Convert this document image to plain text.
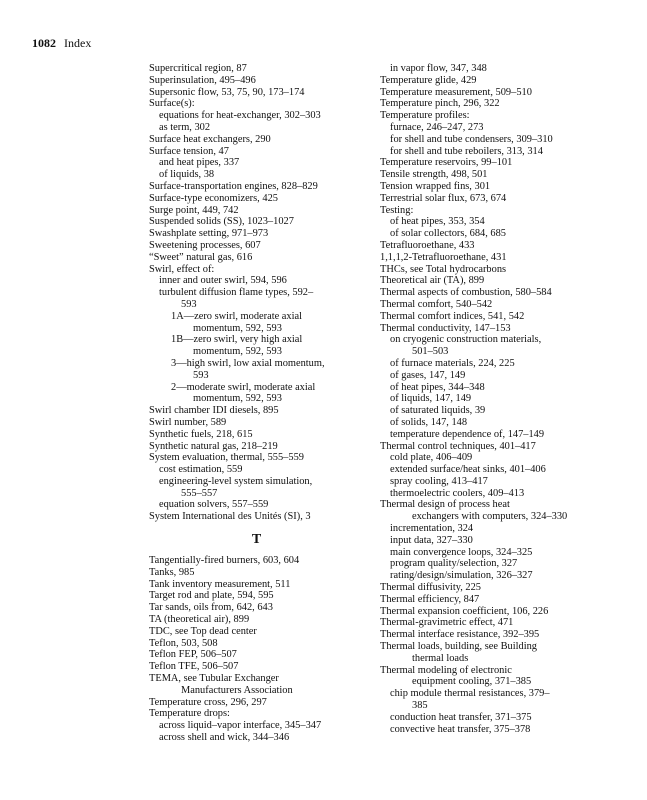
1082 Index
Supercritical region, 87
Superinsulation, 495–496
Supersonic flow, 53, 75, 90, 173–174
Surface(s):
equations for heat-exchanger, 302–303
as term, 302
Surface heat exchangers, 290
Surface tension, 47
and heat pipes, 337
of liquids, 38
Surface-transportation engines, 828–829
Surface-type economizers, 425
Surge point, 449, 742
Suspended solids (SS), 1023–1027
Swashplate setting, 971–973
Sweetening processes, 607
“Sweet” natural gas, 616
Swirl, effect of:
inner and outer swirl, 594, 596
turbulent diffusion flame types, 592–
593
1A—zero swirl, moderate axial
momentum, 592, 593
1B—zero swirl, very high axial
momentum, 592, 593
3—high swirl, low axial momentum,
593
2—moderate swirl, moderate axial
momentum, 592, 593
Swirl chamber IDI diesels, 895
Swirl number, 589
Synthetic fuels, 218, 615
Synthetic natural gas, 218–219
System evaluation, thermal, 555–559
cost estimation, 559
engineering-level system simulation,
555–557
equation solvers, 557–559
System International des Unités (SI), 3
T
Tangentially-fired burners, 603, 604
Tanks, 985
Tank inventory measurement, 511
Target rod and plate, 594, 595
Tar sands, oils from, 642, 643
TA (theoretical air), 899
TDC, see Top dead center
Teflon, 503, 508
Teflon FEP, 506–507
Teflon TFE, 506–507
TEMA, see Tubular Exchanger
Manufacturers Association
Temperature cross, 296, 297
Temperature drops:
across liquid–vapor interface, 345–347
across shell and wick, 344–346
in vapor flow, 347, 348
Temperature glide, 429
Temperature measurement, 509–510
Temperature pinch, 296, 322
Temperature profiles:
furnace, 246–247, 273
for shell and tube condensers, 309–310
for shell and tube reboilers, 313, 314
Temperature reservoirs, 99–101
Tensile strength, 498, 501
Tension wrapped fins, 301
Terrestrial solar flux, 673, 674
Testing:
of heat pipes, 353, 354
of solar collectors, 684, 685
Tetrafluoroethane, 433
1,1,1,2-Tetrafluoroethane, 431
THCs, see Total hydrocarbons
Theoretical air (TA), 899
Thermal aspects of combustion, 580–584
Thermal comfort, 540–542
Thermal comfort indices, 541, 542
Thermal conductivity, 147–153
on cryogenic construction materials,
501–503
of furnace materials, 224, 225
of gases, 147, 149
of heat pipes, 344–348
of liquids, 147, 149
of saturated liquids, 39
of solids, 147, 148
temperature dependence of, 147–149
Thermal control techniques, 401–417
cold plate, 406–409
extended surface/heat sinks, 401–406
spray cooling, 413–417
thermoelectric coolers, 409–413
Thermal design of process heat
exchangers with computers, 324–330
incrementation, 324
input data, 327–330
main convergence loops, 324–325
program quality/selection, 327
rating/design/simulation, 326–327
Thermal diffusivity, 225
Thermal efficiency, 847
Thermal expansion coefficient, 106, 226
Thermal-gravimetric effect, 471
Thermal interface resistance, 392–395
Thermal loads, building, see Building
thermal loads
Thermal modeling of electronic
equipment cooling, 371–385
chip module thermal resistances, 379–
385
conduction heat transfer, 371–375
convective heat transfer, 375–378
